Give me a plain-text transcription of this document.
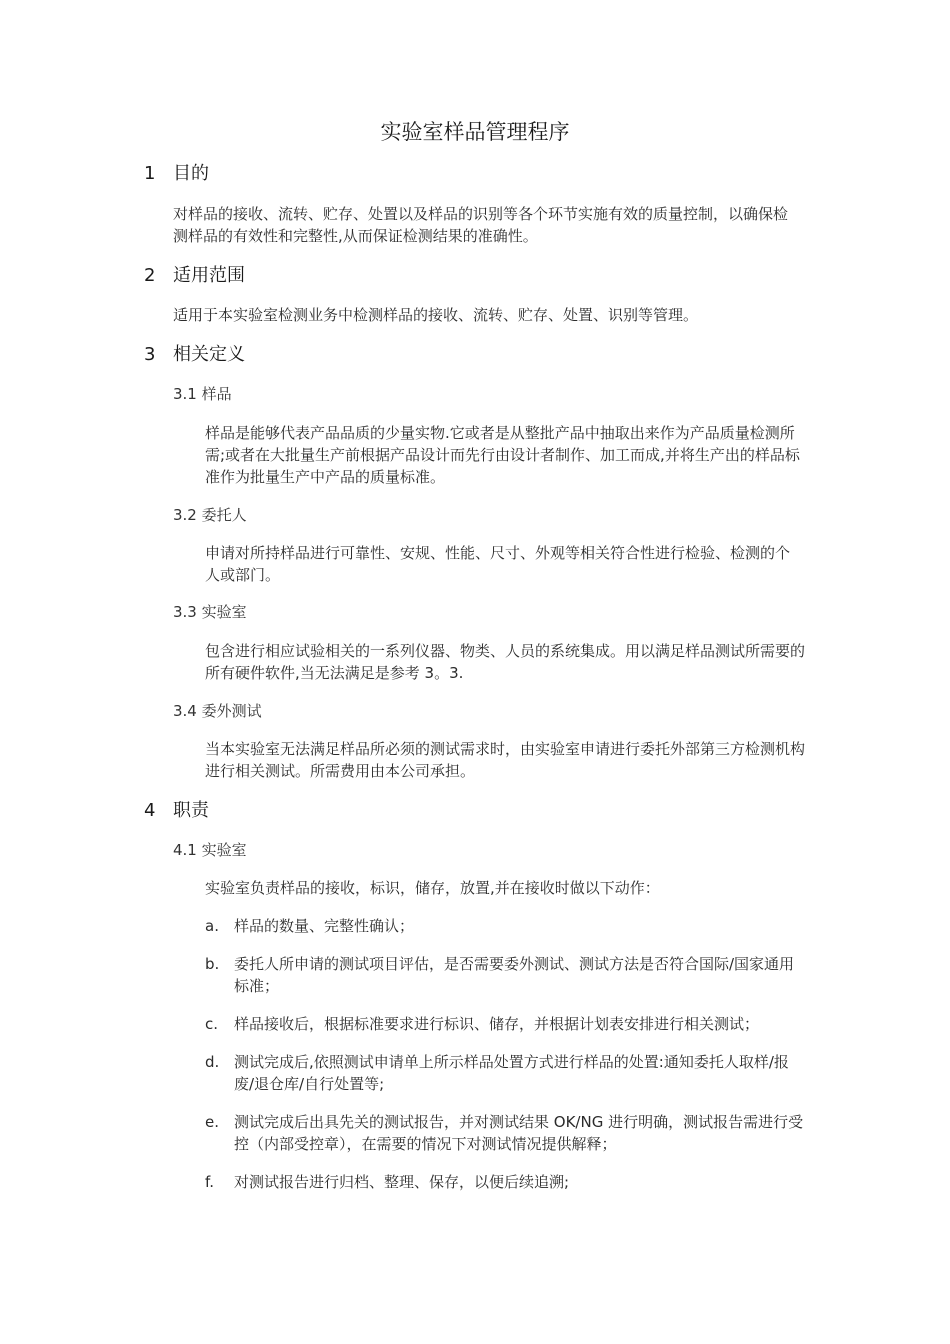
实验室样品管理程序
1 目的
对样品的接收、流转、贮存、处置以及样品的识别等各个环节实施有效的质量控制，以确保检测样品的有效性和完整性,从而保证检测结果的准确性。
2 适用范围
适用于本实验室检测业务中检测样品的接收、流转、贮存、处置、识别等管理。
3 相关定义
3.1 样品
样品是能够代表产品品质的少量实物.它或者是从整批产品中抽取出来作为产品质量检测所需;或者在大批量生产前根据产品设计而先行由设计者制作、加工而成,并将生产出的样品标准作为批量生产中产品的质量标准。
3.2 委托人
申请对所持样品进行可靠性、安规、性能、尺寸、外观等相关符合性进行检验、检测的个人或部门。
3.3 实验室
包含进行相应试验相关的一系列仪器、物类、人员的系统集成。用以满足样品测试所需要的所有硬件软件,当无法满足是参考 3。3.
3.4 委外测试
当本实验室无法满足样品所必须的测试需求时，由实验室申请进行委托外部第三方检测机构进行相关测试。所需费用由本公司承担。
4 职责
4.1 实验室
实验室负责样品的接收，标识，储存，放置,并在接收时做以下动作：
a.	样品的数量、完整性确认；
b. 委托人所申请的测试项目评估，是否需要委外测试、测试方法是否符合国际/国家通用标准；
c.	样品接收后，根据标准要求进行标识、储存，并根据计划表安排进行相关测试；
d. 测试完成后,依照测试申请单上所示样品处置方式进行样品的处置:通知委托人取样/报废/退仓库/自行处置等;
e.	测试完成后出具先关的测试报告，并对测试结果 OK/NG 进行明确，测试报告需进行受控（内部受控章），在需要的情况下对测试情况提供解释；
f.	对测试报告进行归档、整理、保存，以便后续追溯;
